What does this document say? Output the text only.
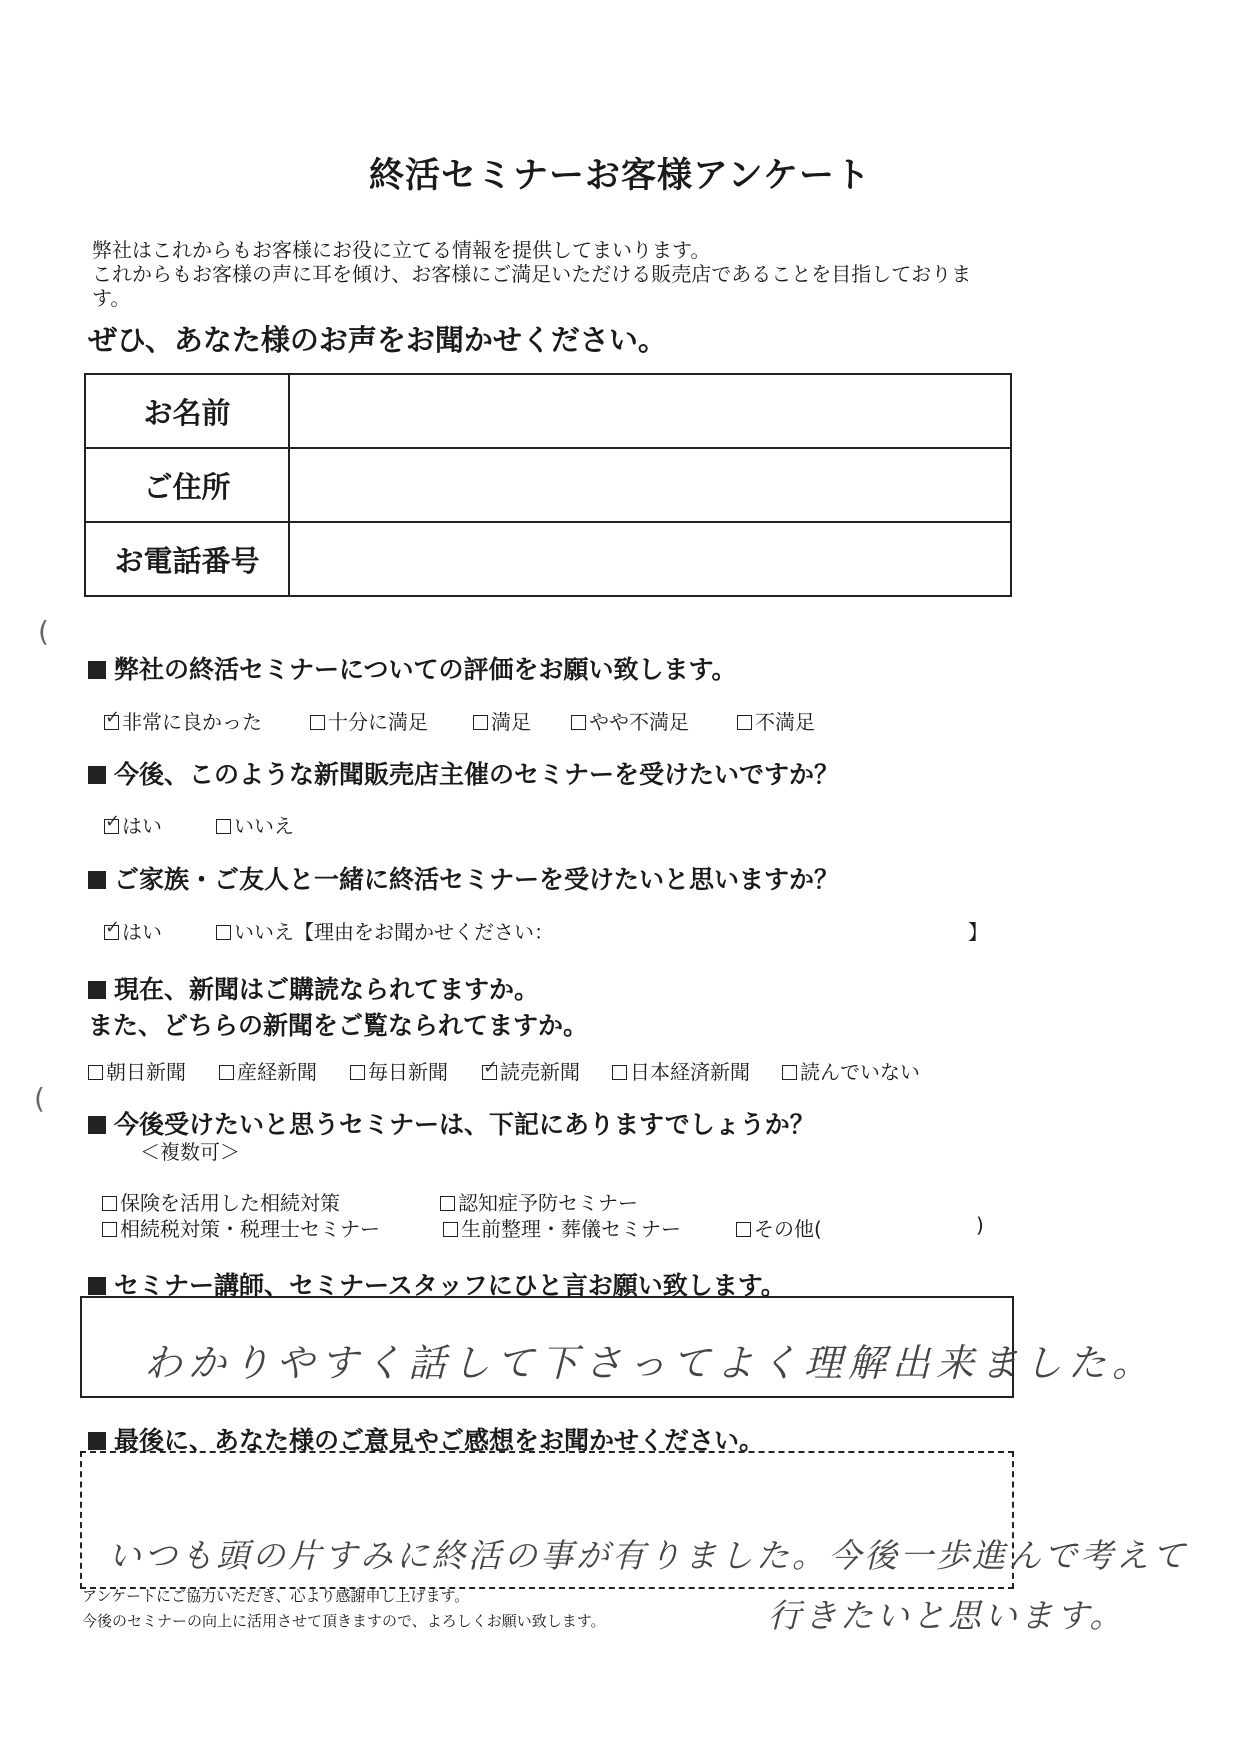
終活セミナーお客様アンケート
弊社はこれからもお客様にお役に立てる情報を提供してまいります。
これからもお客様の声に耳を傾け、お客様にご満足いただける販売店であることを目指しておりま
す。
ぜひ、あなた様のお声をお聞かせください。
お名前	
ご住所	
お電話番号	
(
弊社の終活セミナーについての評価をお願い致します。
✓非常に良かった	十分に満足	満足	やや不満足	不満足
今後、このような新聞販売店主催のセミナーを受けたいですか？
✓はい	いいえ
ご家族・ご友人と一緒に終活セミナーを受けたいと思いますか？
✓はい	いいえ【理由をお聞かせください：	】
現在、新聞はご購読なられてますか。
また、どちらの新聞をご覧なられてますか。
朝日新聞	産経新聞	毎日新聞
✓	読売新聞	日本経済新聞	読んでいない
(
今後受けたいと思うセミナーは、下記にありますでしょうか？
＜複数可＞
保険を活用した相続対策	認知症予防セミナー
相続税対策・税理士セミナー	生前整理・葬儀セミナー	その他(	)
セミナー講師、セミナースタッフにひと言お願い致します。
わかりやすく話して下さってよく理解出来ました。
最後に、あなた様のご意見やご感想をお聞かせください。
いつも頭の片すみに終活の事が有りました。今後一歩進んで考えて
行きたいと思います。
アンケートにご協力いただき、心より感謝申し上げます。
今後のセミナーの向上に活用させて頂きますので、よろしくお願い致します。
